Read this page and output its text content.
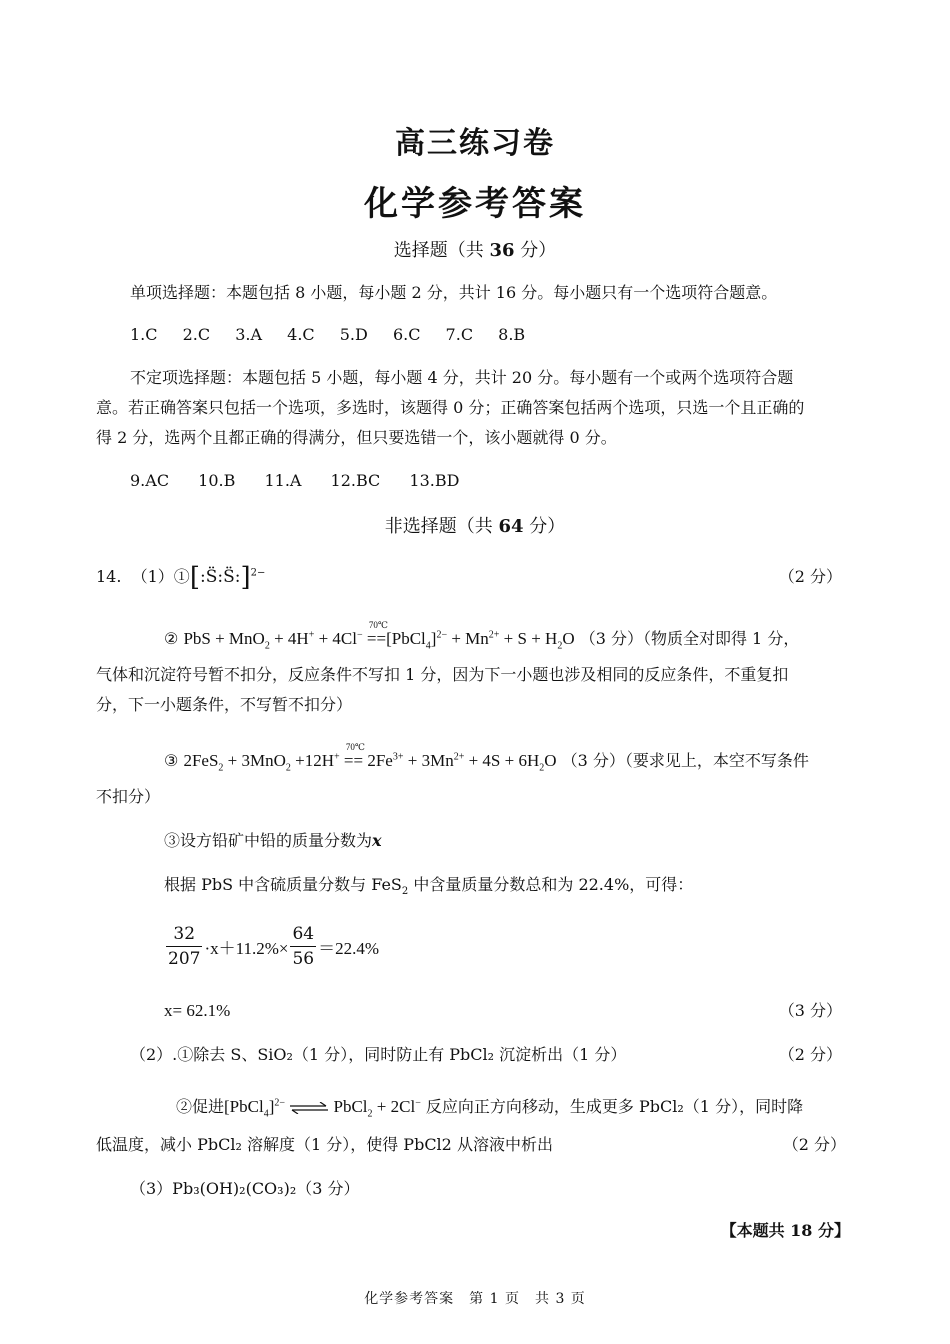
高三练习卷
化学参考答案
选择题（共 36 分）
单项选择题：本题包括 8 小题，每小题 2 分，共计 16 分。每小题只有一个选项符合题意。
1.C 2.C 3.A 4.C 5.D 6.C 7.C 8.B
不定项选择题：本题包括 5 小题，每小题 4 分，共计 20 分。每小题有一个或两个选项符合题
意。若正确答案只包括一个选项，多选时，该题得 0 分；正确答案包括两个选项，只选一个且正确的
得 2 分，选两个且都正确的得满分，但只要选错一个，该小题就得 0 分。
9.AC 10.B 11.A 12.BC 13.BD
非选择题（共 64 分）
14. （1）①[:S̈:S̈:]$^{2-}$	（2 分）
② PbS + MnO$_2$ + 4H+ + 4Cl−
70℃
==[PbCl$_4$]$^{2-}$ + $Mn^{2+} + S + H_2O$ （3 分）（物质全对即得 1 分，
气体和沉淀符号暂不扣分，反应条件不写扣 1 分，因为下一小题也涉及相同的反应条件，不重复扣
分，下一小题条件，不写暂不扣分）
③ 2FeS$_2$ + 3MnO$_2$ +12H+
70℃
== $2Fe^{3+} + 3Mn^{2+} + 4S + 6H_2O$ （3 分）（要求见上，本空不写条件
不扣分）
③设方铅矿中铅的质量分数为x
根据 PbS 中含硫质量分数与 FeS$_2$ 中含量质量分数总和为 22.4%，可得：
$\frac{32}{207} \cdot x+11.2\%\times \frac{64}{56} =22.4\%$
x= 62.1%	（3 分）
（2）.①除去 S、SiO₂（1 分），同时防止有 PbCl₂ 沉淀析出（1 分）	（2 分）
②促进[PbCl$_4$]$^{2-}$ ⇌ PbCl$_2$ + 2Cl− 反应向正方向移动，生成更多 PbCl₂（1 分），同时降
低温度，减小 PbCl₂ 溶解度（1 分），使得 PbCl2 从溶液中析出	（2 分）
（3）Pb₃(OH)₂(CO₃)₂（3 分）
【本题共 18 分】
化学参考答案　第 1 页　共 3 页
